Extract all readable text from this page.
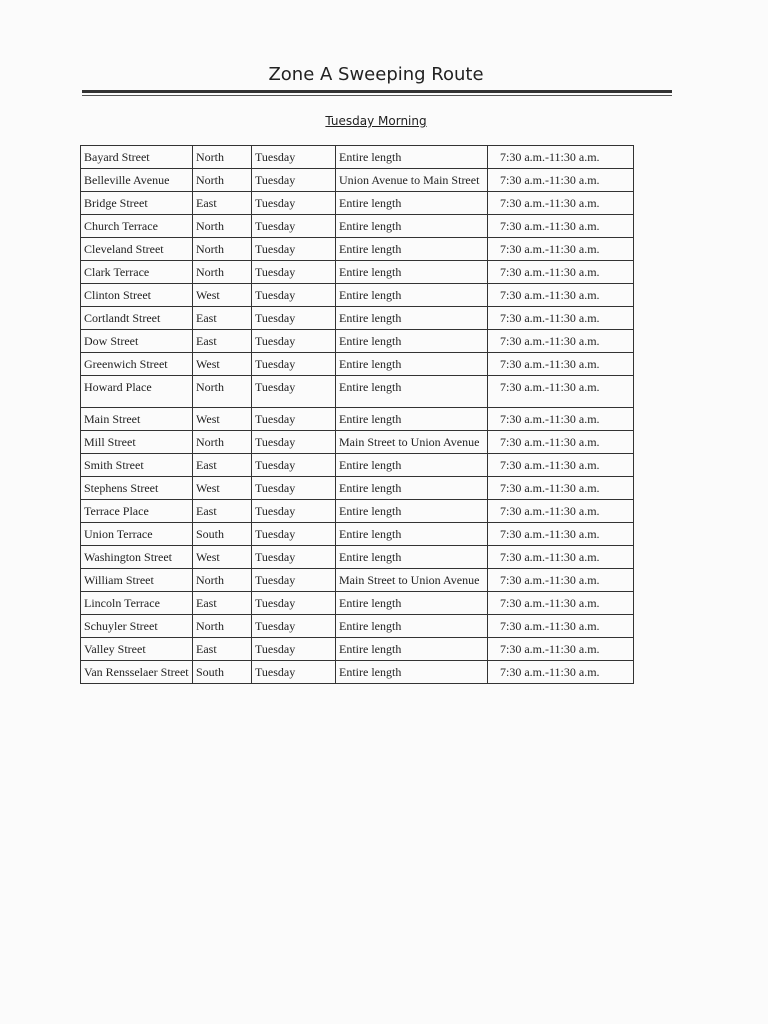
Zone A Sweeping Route
Tuesday Morning
Bayard Street	North	Tuesday	Entire length	7:30 a.m.-11:30 a.m.
Belleville Avenue	North	Tuesday	Union Avenue to Main Street	7:30 a.m.-11:30 a.m.
Bridge Street	East	Tuesday	Entire length	7:30 a.m.-11:30 a.m.
Church Terrace	North	Tuesday	Entire length	7:30 a.m.-11:30 a.m.
Cleveland Street	North	Tuesday	Entire length	7:30 a.m.-11:30 a.m.
Clark Terrace	North	Tuesday	Entire length	7:30 a.m.-11:30 a.m.
Clinton Street	West	Tuesday	Entire length	7:30 a.m.-11:30 a.m.
Cortlandt Street	East	Tuesday	Entire length	7:30 a.m.-11:30 a.m.
Dow Street	East	Tuesday	Entire length	7:30 a.m.-11:30 a.m.
Greenwich Street	West	Tuesday	Entire length	7:30 a.m.-11:30 a.m.
Howard Place	North	Tuesday	Entire length	7:30 a.m.-11:30 a.m.
Main Street	West	Tuesday	Entire length	7:30 a.m.-11:30 a.m.
Mill Street	North	Tuesday	Main Street to Union Avenue	7:30 a.m.-11:30 a.m.
Smith Street	East	Tuesday	Entire length	7:30 a.m.-11:30 a.m.
Stephens Street	West	Tuesday	Entire length	7:30 a.m.-11:30 a.m.
Terrace Place	East	Tuesday	Entire length	7:30 a.m.-11:30 a.m.
Union Terrace	South	Tuesday	Entire length	7:30 a.m.-11:30 a.m.
Washington Street	West	Tuesday	Entire length	7:30 a.m.-11:30 a.m.
William Street	North	Tuesday	Main Street to Union Avenue	7:30 a.m.-11:30 a.m.
Lincoln Terrace	East	Tuesday	Entire length	7:30 a.m.-11:30 a.m.
Schuyler Street	North	Tuesday	Entire length	7:30 a.m.-11:30 a.m.
Valley Street	East	Tuesday	Entire length	7:30 a.m.-11:30 a.m.
Van Rensselaer Street	South	Tuesday	Entire length	7:30 a.m.-11:30 a.m.
